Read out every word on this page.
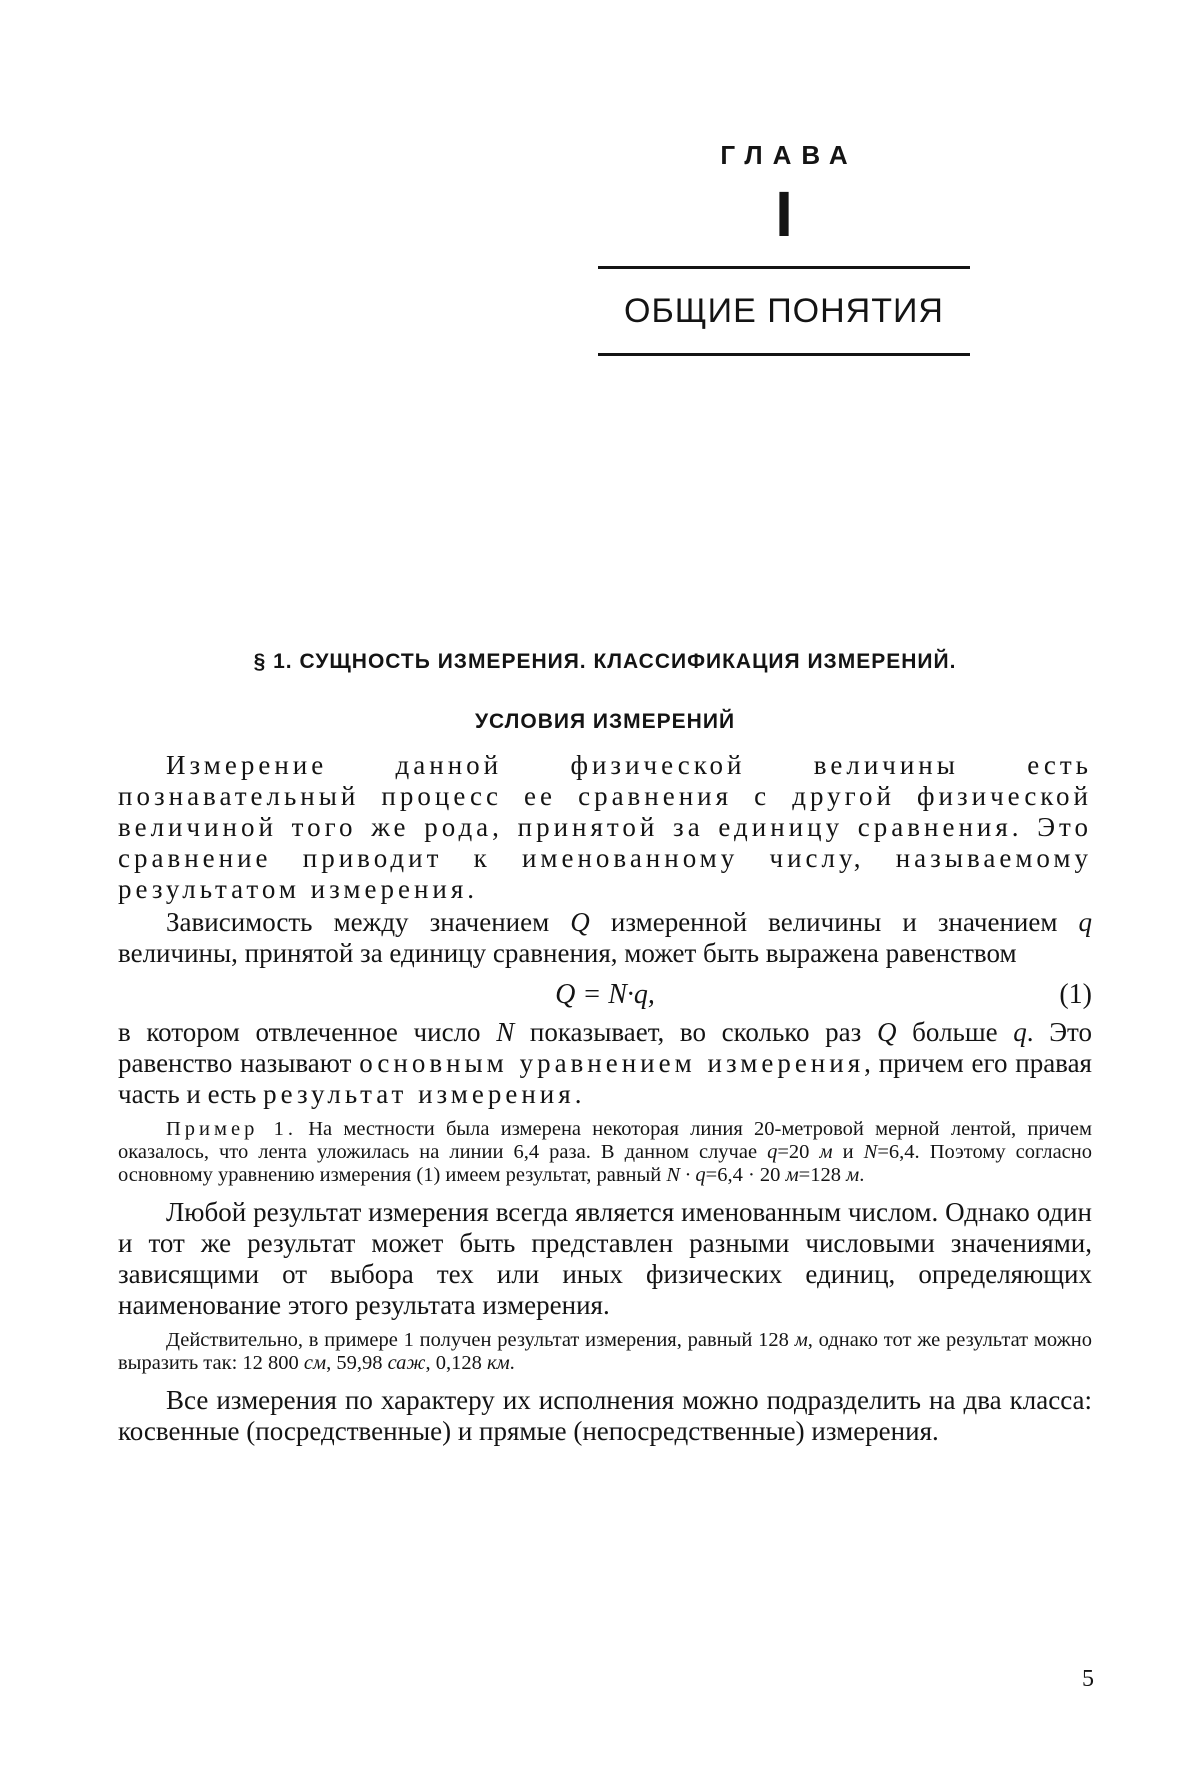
ГЛАВА
I
ОБЩИЕ ПОНЯТИЯ
§ 1. СУЩНОСТЬ ИЗМЕРЕНИЯ. КЛАССИФИКАЦИЯ ИЗМЕРЕНИЙ.
УСЛОВИЯ ИЗМЕРЕНИЙ

Измерение данной физической величины есть познавательный процесс ее сравнения с другой физической величиной того же рода, принятой за единицу сравнения. Это сравнение приводит к именованному числу, называемому результатом измерения.

Зависимость между значением Q измеренной величины и значением q величины, принятой за единицу сравнения, может быть выражена равенством

Q = N·q,	(1)

в котором отвлеченное число N показывает, во сколько раз Q больше q. Это равенство называют основным уравнением измерения, причем его правая часть и есть результат измерения.

Пример 1. На местности была измерена некоторая линия 20-метровой мерной лентой, причем оказалось, что лента уложилась на линии 6,4 раза. В данном случае q=20 м и N=6,4. Поэтому согласно основному уравнению измерения (1) имеем результат, равный N · q=6,4 · 20 м=128 м.

Любой результат измерения всегда является именованным числом. Однако один и тот же результат может быть представлен разными числовыми значениями, зависящими от выбора тех или иных физических единиц, определяющих наименование этого результата измерения.

Действительно, в примере 1 получен результат измерения, равный 128 м, однако тот же результат можно выразить так: 12 800 см, 59,98 саж, 0,128 км.

Все измерения по характеру их исполнения можно подразделить на два класса: косвенные (посредственные) и прямые (непосредственные) измерения.

5
